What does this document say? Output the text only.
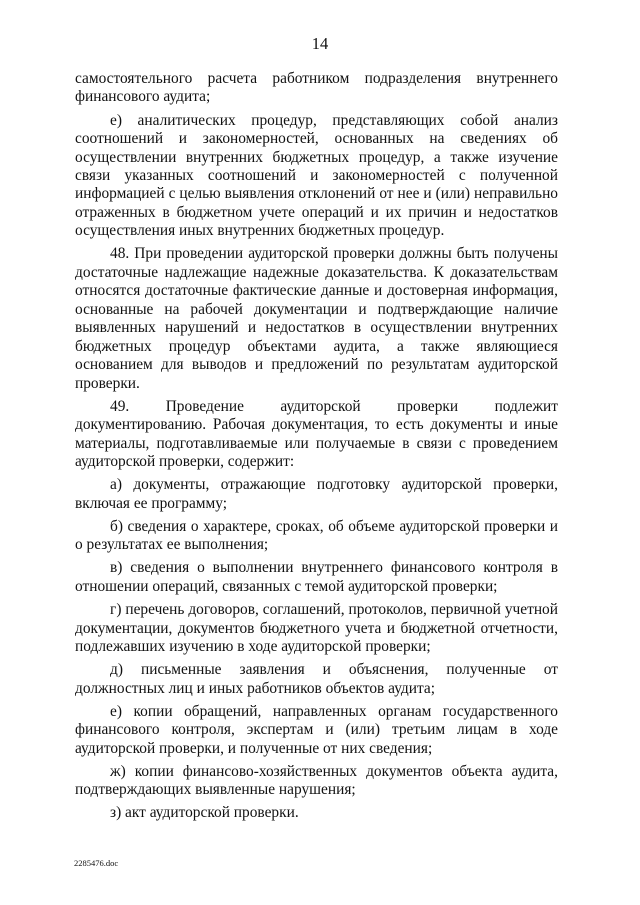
14

самостоятельного расчета работником подразделения внутреннего финансового аудита;

е) аналитических процедур, представляющих собой анализ соотношений и закономерностей, основанных на сведениях об осуществлении внутренних бюджетных процедур, а также изучение связи указанных соотношений и закономерностей с полученной информацией с целью выявления отклонений от нее и (или) неправильно отраженных в бюджетном учете операций и их причин и недостатков осуществления иных внутренних бюджетных процедур.

48. При проведении аудиторской проверки должны быть получены достаточные надлежащие надежные доказательства. К доказательствам относятся достаточные фактические данные и достоверная информация, основанные на рабочей документации и подтверждающие наличие выявленных нарушений и недостатков в осуществлении внутренних бюджетных процедур объектами аудита, а также являющиеся основанием для выводов и предложений по результатам аудиторской проверки.

49. Проведение аудиторской проверки подлежит документированию. Рабочая документация, то есть документы и иные материалы, подготавливаемые или получаемые в связи с проведением аудиторской проверки, содержит:

а) документы, отражающие подготовку аудиторской проверки, включая ее программу;

б) сведения о характере, сроках, об объеме аудиторской проверки и о результатах ее выполнения;

в) сведения о выполнении внутреннего финансового контроля в отношении операций, связанных с темой аудиторской проверки;

г) перечень договоров, соглашений, протоколов, первичной учетной документации, документов бюджетного учета и бюджетной отчетности, подлежавших изучению в ходе аудиторской проверки;

д) письменные заявления и объяснения, полученные от должностных лиц и иных работников объектов аудита;

е) копии обращений, направленных органам государственного финансового контроля, экспертам и (или) третьим лицам в ходе аудиторской проверки, и полученные от них сведения;

ж) копии финансово-хозяйственных документов объекта аудита, подтверждающих выявленные нарушения;

з) акт аудиторской проверки.

2285476.doc
